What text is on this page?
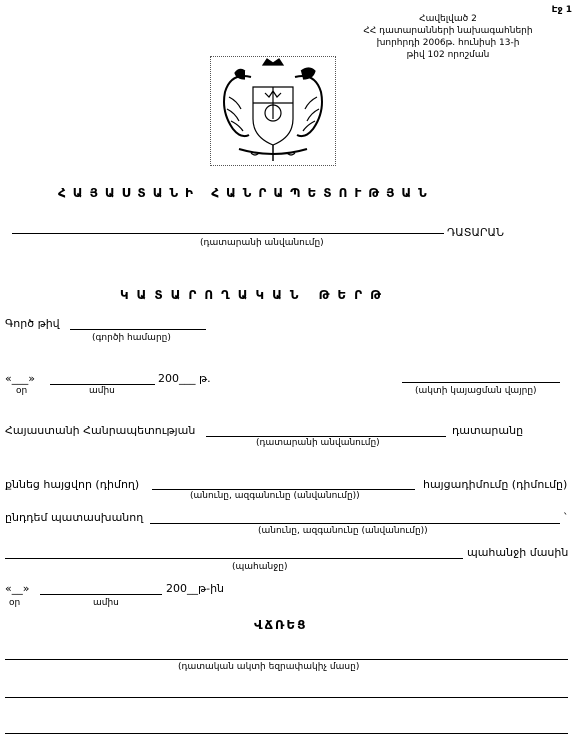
Էջ 1
Հավելված 2
ՀՀ դատարանների նախագահների
խորհրդի 2006թ. հունիսի 13-ի
թիվ 102 որոշման
ՀԱՅԱՍՏԱՆԻ ՀԱՆՐԱՊԵՏՈՒԹՅԱՆ
ԴԱՏԱՐԱՆ
(դատարանի անվանումը)
ԿԱՏԱՐՈՂԱԿԱՆ ԹԵՐԹ
Գործ թիվ
(գործի համարը)
«___»	200___ թ.
օր	ամիս	(ակտի կայացման վայրը)
Հայաստանի Հանրապետության	դատարանը
(դատարանի անվանումը)
քննեց հայցվոր (դիմող)	հայցադիմումը (դիմումը)
(անունը, ազգանունը (անվանումը))
ընդդեմ պատասխանող	`
(անունը, ազգանունը (անվանումը))
պահանջի մասին
(պահանջը)
«__»	200__թ-ին
օր	ամիս
ՎՃՌԵՑ
(դատական ակտի եզրափակիչ մասը)
